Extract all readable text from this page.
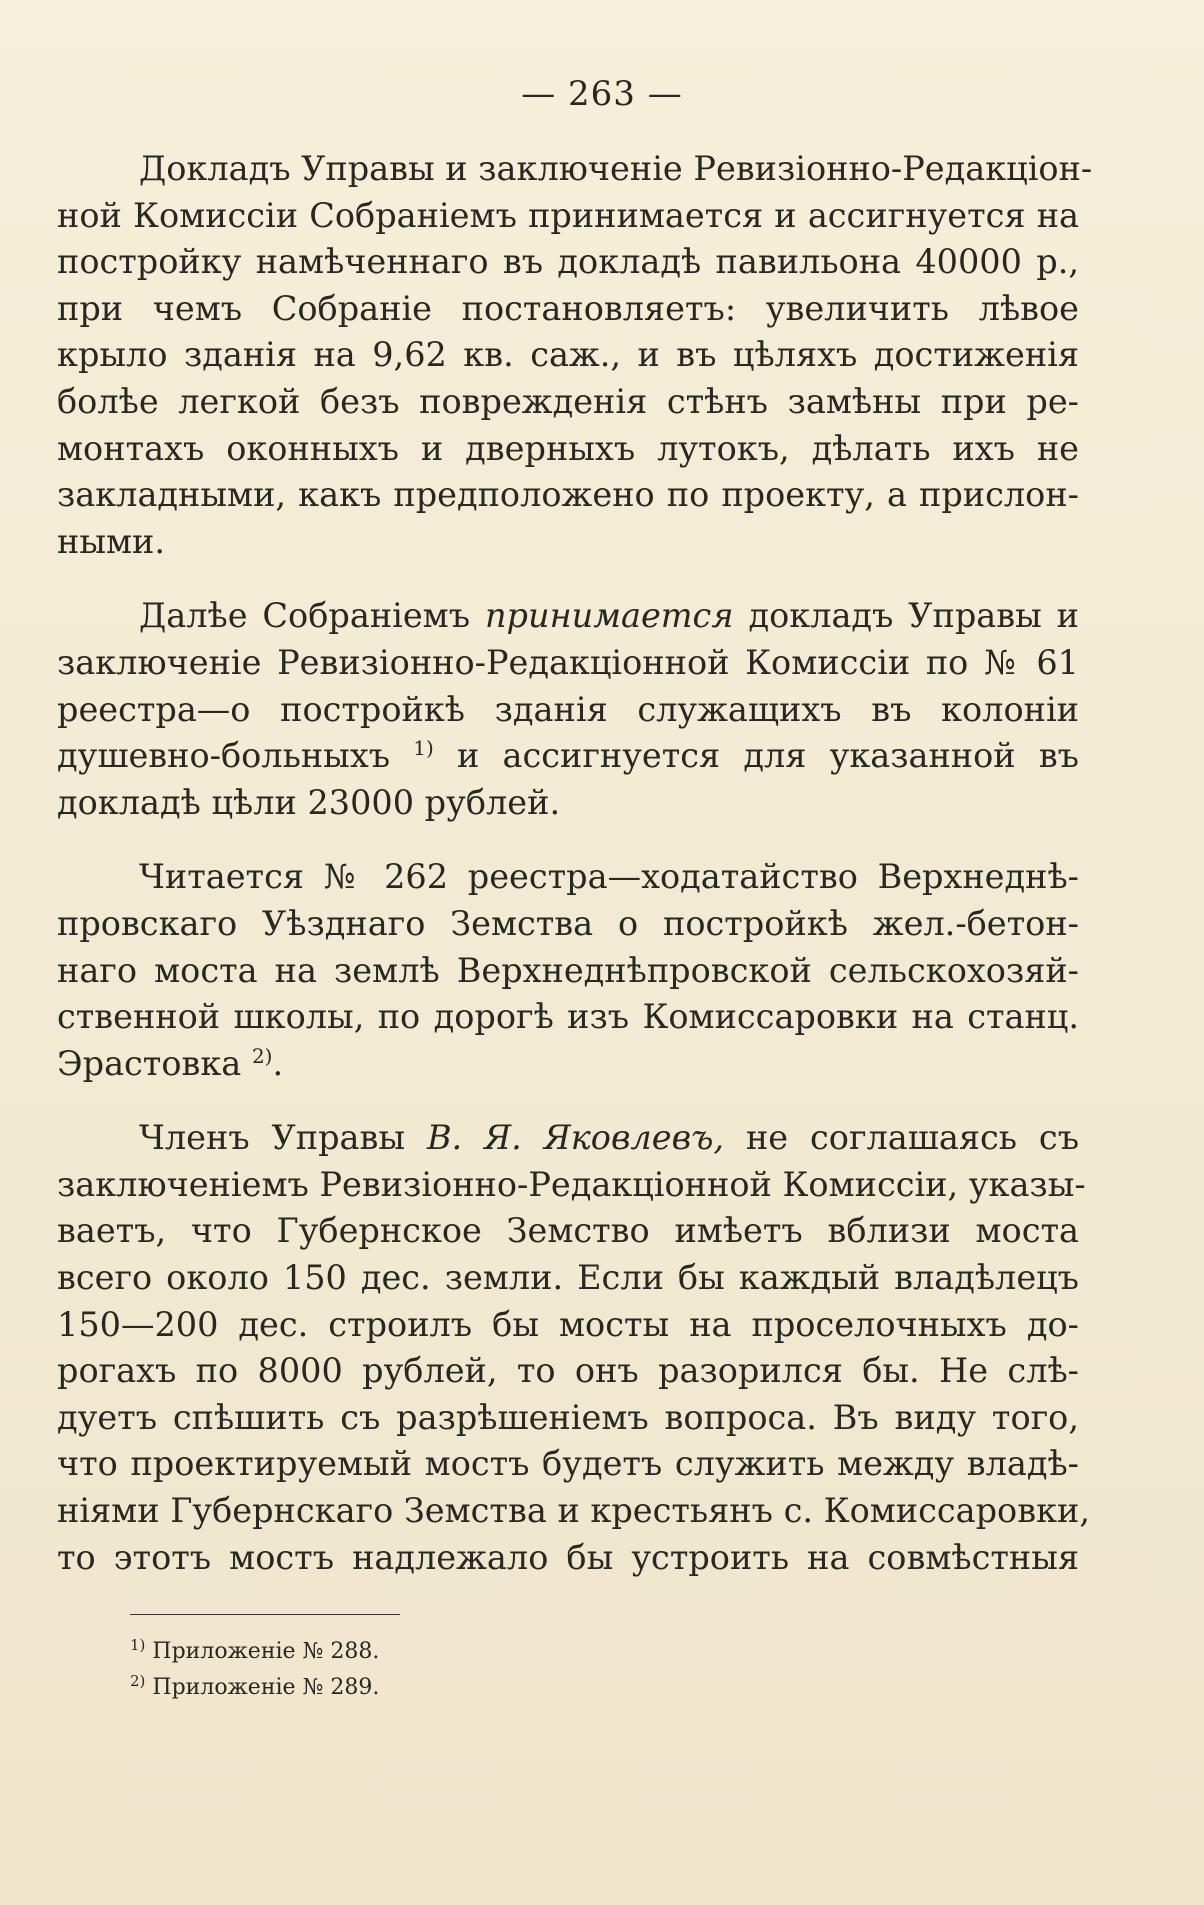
— 263 —
Докладъ Управы и заключеніе Ревизіонно-Редакціон-
ной Комиссіи Собраніемъ принимается и ассигнуется на
постройку намѣченнаго въ докладѣ павильона 40000 р.,
при чемъ Собраніе постановляетъ: увеличить лѣвое
крыло зданія на 9,62 кв. саж., и въ цѣляхъ достиженія
болѣе легкой безъ поврежденія стѣнъ замѣны при ре-
монтахъ оконныхъ и дверныхъ лутокъ, дѣлать ихъ не
закладными, какъ предположено по проекту, а прислон-
ными.
Далѣе Собраніемъ принимается докладъ Управы и
заключеніе Ревизіонно-Редакціонной Комиссіи по № 61
реестра—о постройкѣ зданія служащихъ въ колоніи
душевно-больныхъ $^{1)}$ и ассигнуется для указанной въ
докладѣ цѣли 23000 рублей.
Читается № 262 реестра—ходатайство Верхнеднѣ-
провскаго Уѣзднаго Земства о постройкѣ жел.-бетон-
наго моста на землѣ Верхнеднѣпровской сельскохозяй-
ственной школы, по дорогѣ изъ Комиссаровки на станц.
Эрастовка $^{2)}$.
Членъ Управы В. Я. Яковлевъ, не соглашаясь съ
заключеніемъ Ревизіонно-Редакціонной Комиссіи, указы-
ваетъ, что Губернское Земство имѣетъ вблизи моста
всего около 150 дес. земли. Если бы каждый владѣлецъ
150—200 дес. строилъ бы мосты на проселочныхъ до-
рогахъ по 8000 рублей, то онъ разорился бы. Не слѣ-
дуетъ спѣшить съ разрѣшеніемъ вопроса. Въ виду того,
что проектируемый мостъ будетъ служить между владѣ-
ніями Губернскаго Земства и крестьянъ с. Комиссаровки,
то этотъ мостъ надлежало бы устроить на совмѣстныя
$^{1)}$ Приложеніе № 288.
$^{2)}$ Приложеніе № 289.
